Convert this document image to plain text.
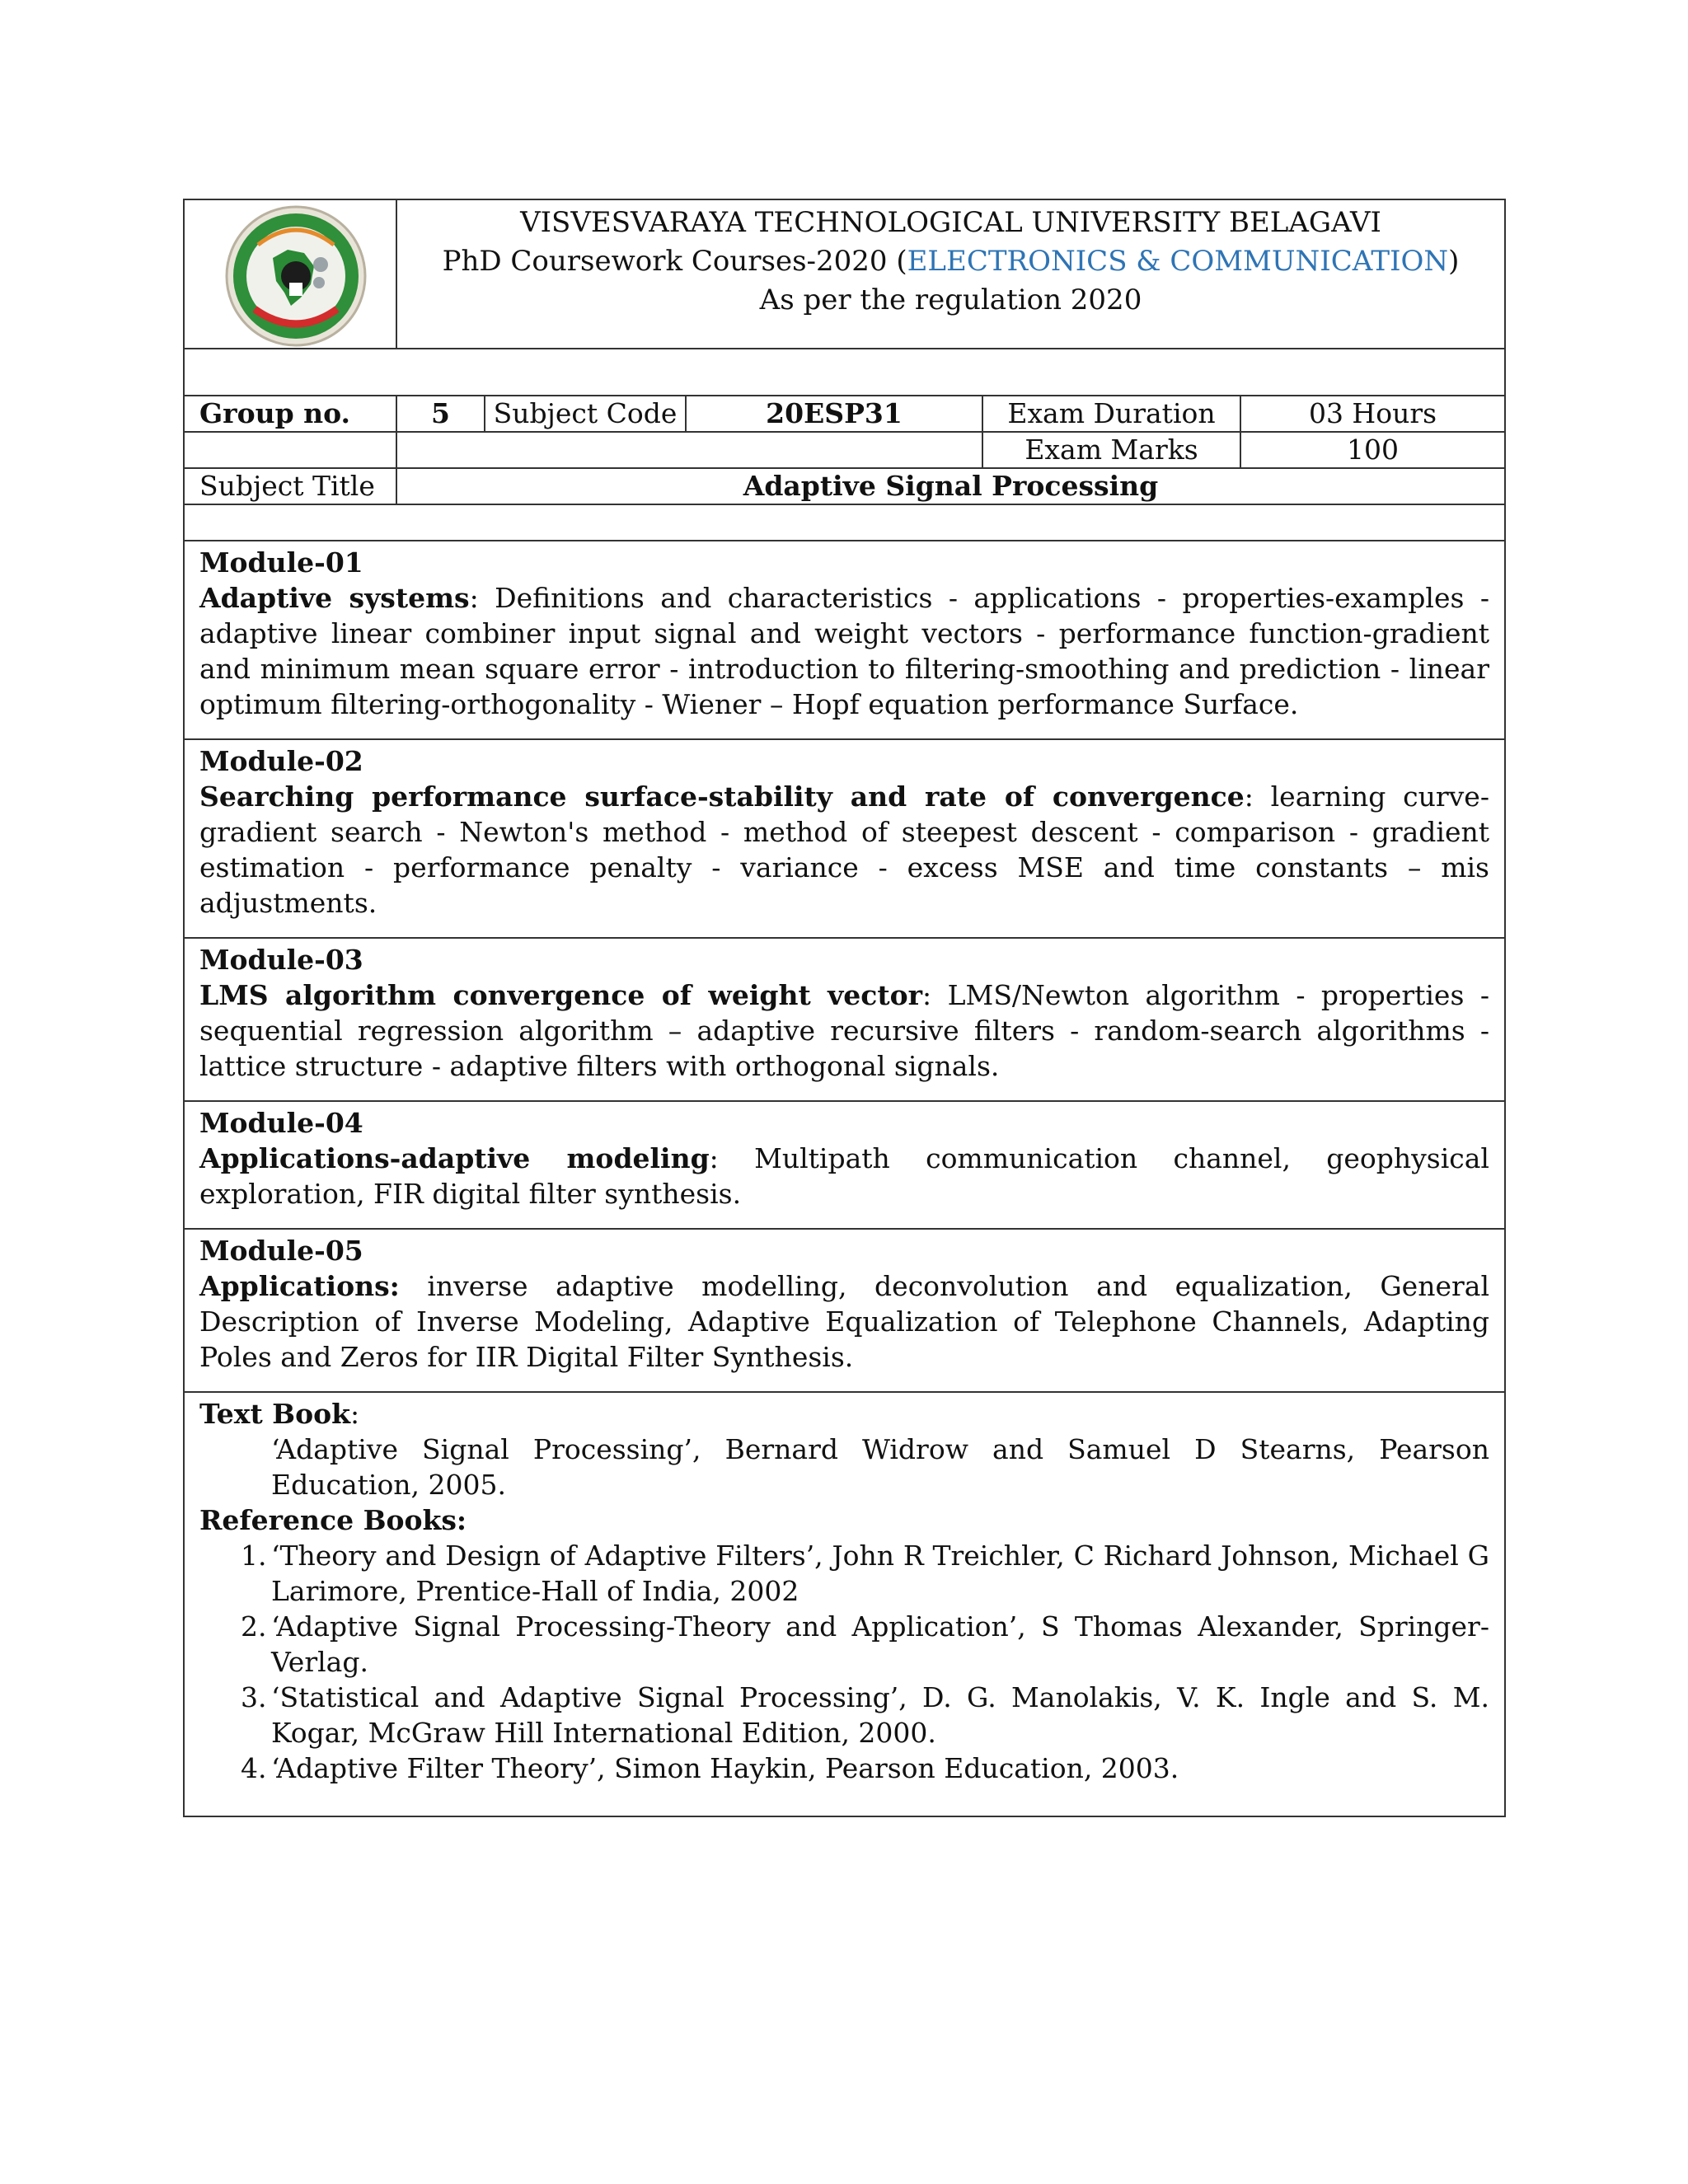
VISVESVARAYA TECHNOLOGICAL UNIVERSITY BELAGAVI
PhD Coursework Courses-2020 (ELECTRONICS & COMMUNICATION)
As per the regulation 2020
Group no.	5	Subject Code	20ESP31	Exam Duration	03 Hours
Exam Marks	100
Subject Title	Adaptive Signal Processing
Module-01
Adaptive systems: Definitions and characteristics - applications - properties-examples - adaptive linear combiner input signal and weight vectors - performance function-gradient and minimum mean square error - introduction to filtering-smoothing and prediction - linear optimum filtering-orthogonality - Wiener – Hopf equation performance Surface.
Module-02
Searching performance surface-stability and rate of convergence: learning curve-gradient search - Newton's method - method of steepest descent - comparison - gradient estimation - performance penalty - variance - excess MSE and time constants – mis adjustments.
Module-03
LMS algorithm convergence of weight vector: LMS/Newton algorithm - properties - sequential regression algorithm – adaptive recursive filters - random-search algorithms - lattice structure - adaptive filters with orthogonal signals.
Module-04
Applications-adaptive modeling: Multipath communication channel, geophysical exploration, FIR digital filter synthesis.
Module-05
Applications: inverse adaptive modelling, deconvolution and equalization, General Description of Inverse Modeling, Adaptive Equalization of Telephone Channels, Adapting Poles and Zeros for IIR Digital Filter Synthesis.
Text Book:
‘Adaptive Signal Processing’, Bernard Widrow and Samuel D Stearns, Pearson Education, 2005.
Reference Books:
1. ‘Theory and Design of Adaptive Filters’, John R Treichler, C Richard Johnson, Michael G Larimore, Prentice-Hall of India, 2002
2. ‘Adaptive Signal Processing-Theory and Application’, S Thomas Alexander, Springer-Verlag.
3. ‘Statistical and Adaptive Signal Processing’, D. G. Manolakis, V. K. Ingle and S. M. Kogar, McGraw Hill International Edition, 2000.
4. ‘Adaptive Filter Theory’, Simon Haykin, Pearson Education, 2003.
